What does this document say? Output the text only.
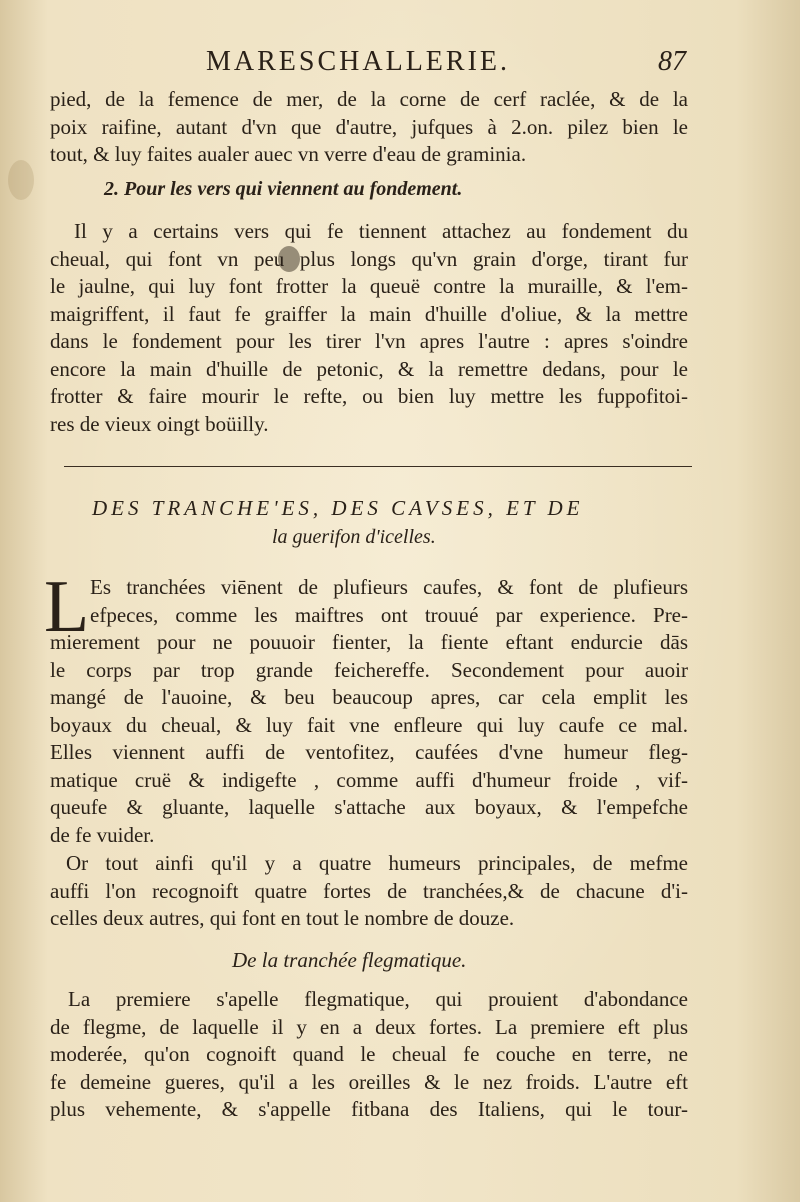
MARESCHALLERIE.	87
pied, de la femence de mer, de la corne de cerf raclée, & de la
poix raifine, autant d'vn que d'autre, jufques à 2.on. pilez bien le
tout, & luy faites aualer auec vn verre d'eau de graminia.
2. Pour les vers qui viennent au fondement.
Il y a certains vers qui fe tiennent attachez au fondement du
cheual, qui font vn peu plus longs qu'vn grain d'orge, tirant fur
le jaulne, qui luy font frotter la queuë contre la muraille, & l'em-
maigriffent, il faut fe graiffer la main d'huille d'oliue, & la mettre
dans le fondement pour les tirer l'vn apres l'autre : apres s'oindre
encore la main d'huille de petonic, & la remettre dedans, pour le
frotter & faire mourir le refte, ou bien luy mettre les fuppofitoi-
res de vieux oingt boüilly.
DES TRANCHE'ES, DES CAVSES, ET DE
la guerifon d'icelles.
L Es tranchées viēnent de plufieurs caufes, & font de plufieurs
efpeces, comme les maiftres ont trouué par experience. Pre-
mierement pour ne pouuoir fienter, la fiente eftant endurcie dās
le corps par trop grande feichereffe. Secondement pour auoir
mangé de l'auoine, & beu beaucoup apres, car cela emplit les
boyaux du cheual, & luy fait vne enfleure qui luy caufe ce mal.
Elles viennent auffi de ventofitez, caufées d'vne humeur fleg-
matique cruë & indigefte , comme auffi d'humeur froide , vif-
queufe & gluante, laquelle s'attache aux boyaux, & l'empefche
de fe vuider.
Or tout ainfi qu'il y a quatre humeurs principales, de mefme
auffi l'on recognoift quatre fortes de tranchées,& de chacune d'i-
celles deux autres, qui font en tout le nombre de douze.
De la tranchée flegmatique.
La premiere s'apelle flegmatique, qui prouient d'abondance
de flegme, de laquelle il y en a deux fortes. La premiere eft plus
moderée, qu'on cognoift quand le cheual fe couche en terre, ne
fe demeine gueres, qu'il a les oreilles & le nez froids. L'autre eft
plus vehemente, & s'appelle fitbana des Italiens, qui le tour-
